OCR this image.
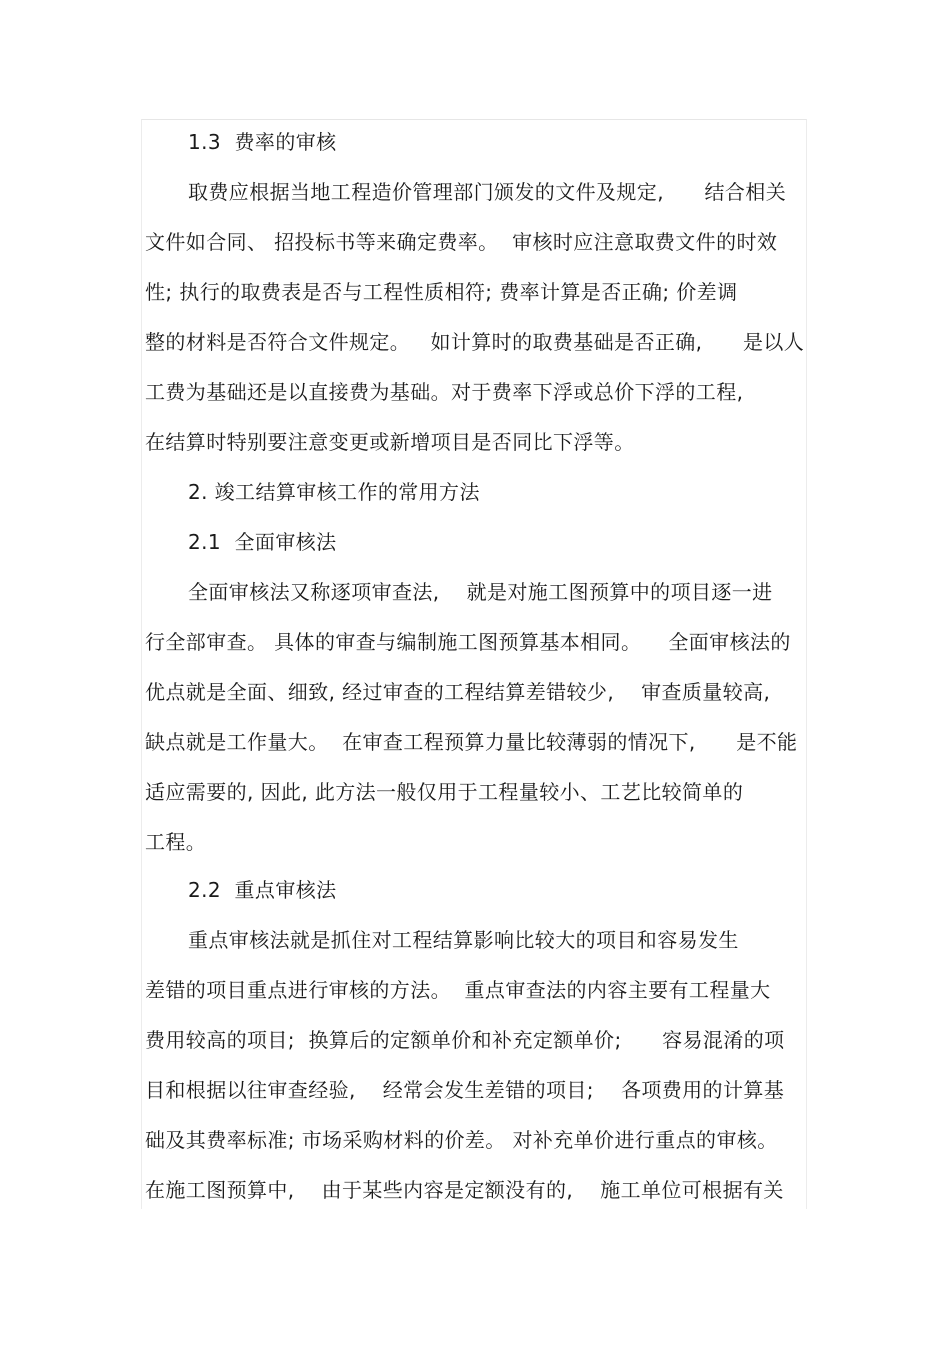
1.3  费率的审核
取费应根据当地工程造价管理部门颁发的文件及规定,      结合相关
文件如合同、 招投标书等来确定费率。  审核时应注意取费文件的时效
性; 执行的取费表是否与工程性质相符; 费率计算是否正确; 价差调
整的材料是否符合文件规定。   如计算时的取费基础是否正确,      是以人
工费为基础还是以直接费为基础。对于费率下浮或总价下浮的工程,
在结算时特别要注意变更或新增项目是否同比下浮等。
2. 竣工结算审核工作的常用方法
2.1  全面审核法
全面审核法又称逐项审查法,    就是对施工图预算中的项目逐一进
行全部审查。 具体的审查与编制施工图预算基本相同。    全面审核法的
优点就是全面、细致, 经过审查的工程结算差错较少,    审查质量较高,
缺点就是工作量大。  在审查工程预算力量比较薄弱的情况下,      是不能
适应需要的, 因此, 此方法一般仅用于工程量较小、工艺比较简单的
工程。
2.2  重点审核法
重点审核法就是抓住对工程结算影响比较大的项目和容易发生
差错的项目重点进行审核的方法。  重点审查法的内容主要有工程量大
费用较高的项目;  换算后的定额单价和补充定额单价;      容易混淆的项
目和根据以往审查经验,    经常会发生差错的项目;    各项费用的计算基
础及其费率标准; 市场采购材料的价差。 对补充单价进行重点的审核。
在施工图预算中,    由于某些内容是定额没有的,    施工单位可根据有关
